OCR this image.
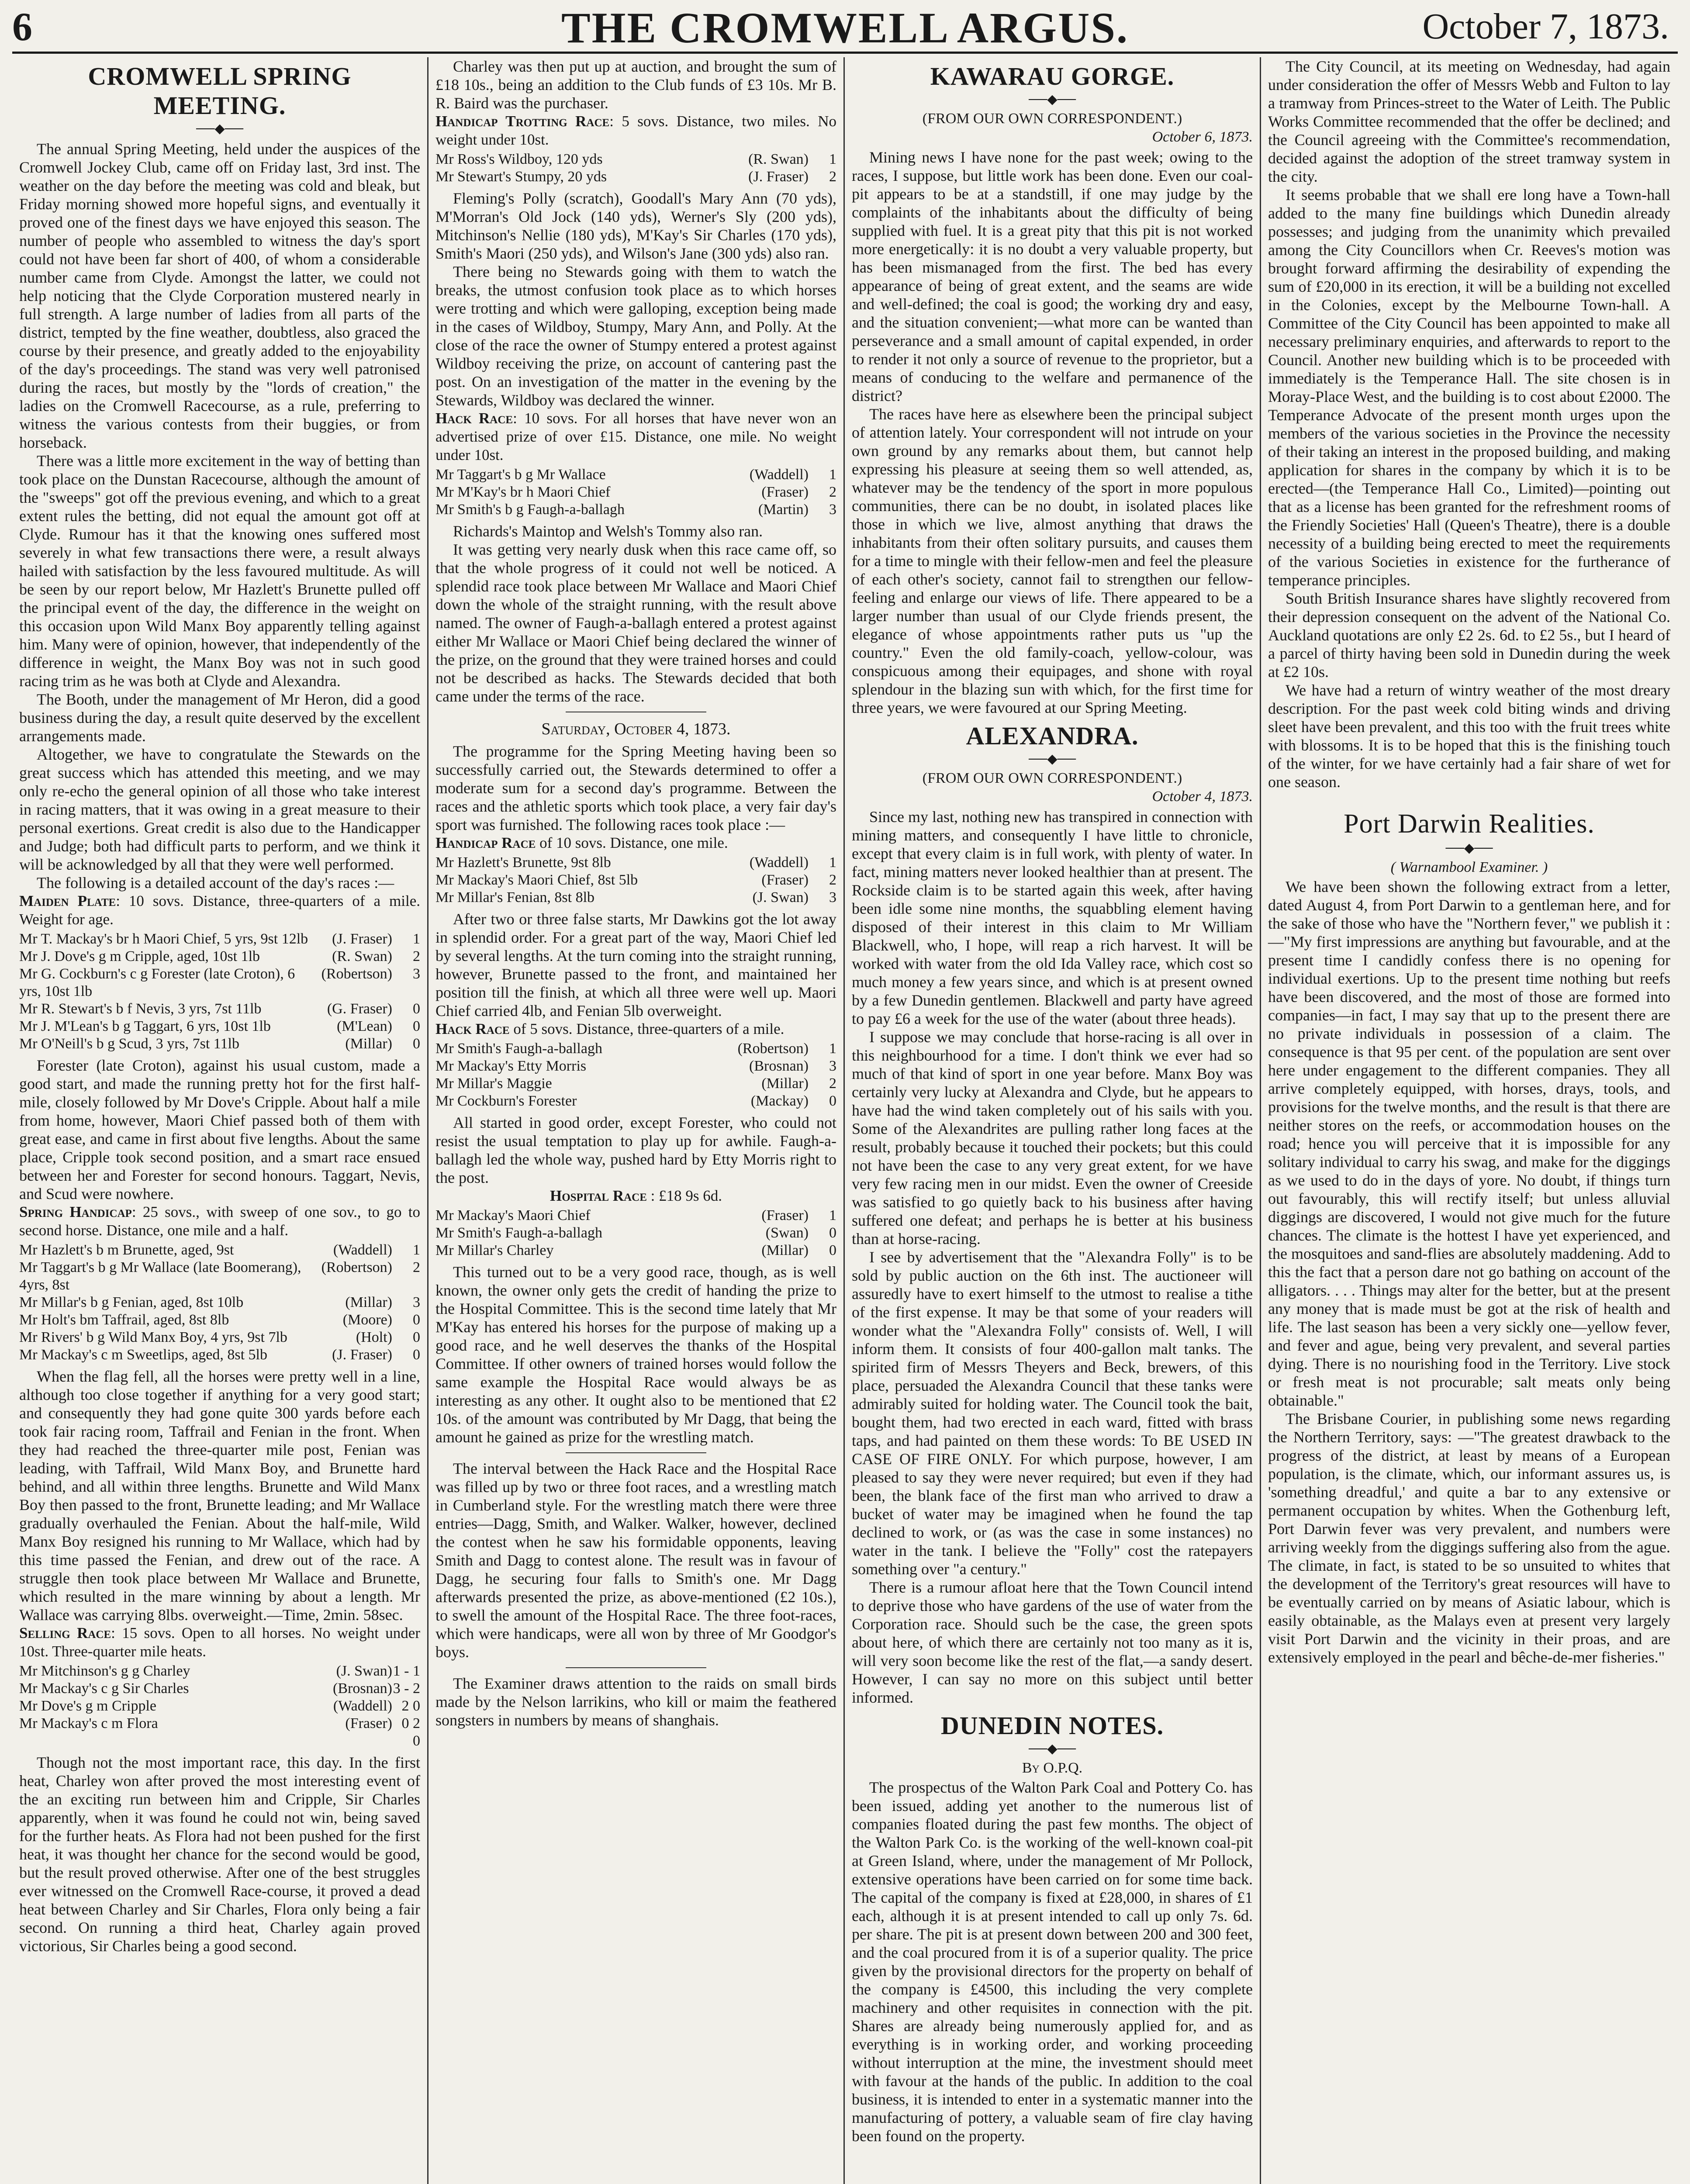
6	THE CROMWELL ARGUS.	October 7, 1873.
CROMWELL SPRING MEETING.
──◆──

The annual Spring Meeting, held under the auspices of the Cromwell Jockey Club, came off on Friday last, 3rd inst. The weather on the day before the meeting was cold and bleak, but Friday morning showed more hopeful signs, and eventually it proved one of the finest days we have enjoyed this season. The number of people who assembled to witness the day's sport could not have been far short of 400, of whom a considerable number came from Clyde. Amongst the latter, we could not help noticing that the Clyde Corporation mustered nearly in full strength. A large number of ladies from all parts of the district, tempted by the fine weather, doubtless, also graced the course by their presence, and greatly added to the enjoyability of the day's proceedings. The stand was very well patronised during the races, but mostly by the "lords of creation," the ladies on the Cromwell Racecourse, as a rule, preferring to witness the various contests from their buggies, or from horseback.

There was a little more excitement in the way of betting than took place on the Dunstan Racecourse, although the amount of the "sweeps" got off the previous evening, and which to a great extent rules the betting, did not equal the amount got off at Clyde. Rumour has it that the knowing ones suffered most severely in what few transactions there were, a result always hailed with satisfaction by the less favoured multitude. As will be seen by our report below, Mr Hazlett's Brunette pulled off the principal event of the day, the difference in the weight on this occasion upon Wild Manx Boy apparently telling against him. Many were of opinion, however, that independently of the difference in weight, the Manx Boy was not in such good racing trim as he was both at Clyde and Alexandra.

The Booth, under the management of Mr Heron, did a good business during the day, a result quite deserved by the excellent arrangements made.

Altogether, we have to congratulate the Stewards on the great success which has attended this meeting, and we may only re-echo the general opinion of all those who take interest in racing matters, that it was owing in a great measure to their personal exertions. Great credit is also due to the Handicapper and Judge; both had difficult parts to perform, and we think it will be acknowledged by all that they were well performed.

The following is a detailed account of the day's races :—

Maiden Plate: 10 sovs. Distance, three-quarters of a mile. Weight for age.

Mr T. Mackay's br h Maori Chief, 5 yrs, 9st 12lb	(J. Fraser)	1
Mr J. Dove's g m Cripple, aged, 10st 1lb	(R. Swan)	2
Mr G. Cockburn's c g Forester (late Croton), 6 yrs, 10st 1lb
(Robertson)	3
Mr R. Stewart's b f Nevis, 3 yrs, 7st 11lb	(G. Fraser)	0
Mr J. M'Lean's b g Taggart, 6 yrs, 10st 1lb	(M'Lean)	0
Mr O'Neill's b g Scud, 3 yrs, 7st 11lb	(Millar)	0

Forester (late Croton), against his usual custom, made a good start, and made the running pretty hot for the first half-mile, closely followed by Mr Dove's Cripple. About half a mile from home, however, Maori Chief passed both of them with great ease, and came in first about five lengths. About the same place, Cripple took second position, and a smart race ensued between her and Forester for second honours. Taggart, Nevis, and Scud were nowhere.

Spring Handicap: 25 sovs., with sweep of one sov., to go to second horse. Distance, one mile and a half.

Mr Hazlett's b m Brunette, aged, 9st	(Waddell)	1
Mr Taggart's b g Mr Wallace (late Boomerang), 4yrs, 8st
(Robertson)	2
Mr Millar's b g Fenian, aged, 8st 10lb	(Millar)	3
Mr Holt's bm Taffrail, aged, 8st 8lb	(Moore)	0
Mr Rivers' b g Wild Manx Boy, 4 yrs, 9st 7lb	(Holt)	0
Mr Mackay's c m Sweetlips, aged, 8st 5lb	(J. Fraser)	0

When the flag fell, all the horses were pretty well in a line, although too close together if anything for a very good start; and consequently they had gone quite 300 yards before each took fair racing room, Taffrail and Fenian in the front. When they had reached the three-quarter mile post, Fenian was leading, with Taffrail, Wild Manx Boy, and Brunette hard behind, and all within three lengths. Brunette and Wild Manx Boy then passed to the front, Brunette leading; and Mr Wallace gradually overhauled the Fenian. About the half-mile, Wild Manx Boy resigned his running to Mr Wallace, which had by this time passed the Fenian, and drew out of the race. A struggle then took place between Mr Wallace and Brunette, which resulted in the mare winning by about a length. Mr Wallace was carrying 8lbs. overweight.—Time, 2min. 58sec.

Selling Race: 15 sovs. Open to all horses. No weight under 10st. Three-quarter mile heats.

Mr Mitchinson's g g Charley	(J. Swan) 1 - 1
Mr Mackay's c g Sir Charles	(Brosnan) 3 - 2
Mr Dove's g m Cripple	(Waddell) 2 0
Mr Mackay's c m Flora	(Fraser) 0 2 0

Though not the most important race, this day. In the first heat, Charley won after proved the most interesting event of the an exciting run between him and Cripple, Sir Charles apparently, when it was found he could not win, being saved for the further heats. As Flora had not been pushed for the first heat, it was thought her chance for the second would be good, but the result proved otherwise. After one of the best struggles ever witnessed on the Cromwell Race-course, it proved a dead heat between Charley and Sir Charles, Flora only being a fair second. On running a third heat, Charley again proved victorious, Sir Charles being a good second.

Charley was then put up at auction, and brought the sum of £18 10s., being an addition to the Club funds of £3 10s. Mr B. R. Baird was the purchaser.

Handicap Trotting Race: 5 sovs. Distance, two miles. No weight under 10st.

Mr Ross's Wildboy, 120 yds	(R. Swan)	1
Mr Stewart's Stumpy, 20 yds	(J. Fraser)	2

Fleming's Polly (scratch), Goodall's Mary Ann (70 yds), M'Morran's Old Jock (140 yds), Werner's Sly (200 yds), Mitchinson's Nellie (180 yds), M'Kay's Sir Charles (170 yds), Smith's Maori (250 yds), and Wilson's Jane (300 yds) also ran.

There being no Stewards going with them to watch the breaks, the utmost confusion took place as to which horses were trotting and which were galloping, exception being made in the cases of Wildboy, Stumpy, Mary Ann, and Polly. At the close of the race the owner of Stumpy entered a protest against Wildboy receiving the prize, on account of cantering past the post. On an investigation of the matter in the evening by the Stewards, Wildboy was declared the winner.

Hack Race: 10 sovs. For all horses that have never won an advertised prize of over £15. Distance, one mile. No weight under 10st.

Mr Taggart's b g Mr Wallace	(Waddell)	1
Mr M'Kay's br h Maori Chief	(Fraser)	2
Mr Smith's b g Faugh-a-ballagh	(Martin)	3

Richards's Maintop and Welsh's Tommy also ran.

It was getting very nearly dusk when this race came off, so that the whole progress of it could not well be noticed. A splendid race took place between Mr Wallace and Maori Chief down the whole of the straight running, with the result above named. The owner of Faugh-a-ballagh entered a protest against either Mr Wallace or Maori Chief being declared the winner of the prize, on the ground that they were trained horses and could not be described as hacks. The Stewards decided that both came under the terms of the race.

Saturday, October 4, 1873.

The programme for the Spring Meeting having been so successfully carried out, the Stewards determined to offer a moderate sum for a second day's programme. Between the races and the athletic sports which took place, a very fair day's sport was furnished. The following races took place :—

Handicap Race of 10 sovs. Distance, one mile.

Mr Hazlett's Brunette, 9st 8lb	(Waddell)	1
Mr Mackay's Maori Chief, 8st 5lb	(Fraser)	2
Mr Millar's Fenian, 8st 8lb	(J. Swan)	3

After two or three false starts, Mr Dawkins got the lot away in splendid order. For a great part of the way, Maori Chief led by several lengths. At the turn coming into the straight running, however, Brunette passed to the front, and maintained her position till the finish, at which all three were well up. Maori Chief carried 4lb, and Fenian 5lb overweight.

Hack Race of 5 sovs. Distance, three-quarters of a mile.

Mr Smith's Faugh-a-ballagh	(Robertson)	1
Mr Mackay's Etty Morris	(Brosnan)	3
Mr Millar's Maggie	(Millar)	2
Mr Cockburn's Forester	(Mackay)	0

All started in good order, except Forester, who could not resist the usual temptation to play up for awhile. Faugh-a-ballagh led the whole way, pushed hard by Etty Morris right to the post.

Hospital Race : £18 9s 6d.

Mr Mackay's Maori Chief	(Fraser)	1
Mr Smith's Faugh-a-ballagh	(Swan)	0
Mr Millar's Charley	(Millar)	0

This turned out to be a very good race, though, as is well known, the owner only gets the credit of handing the prize to the Hospital Committee. This is the second time lately that Mr M'Kay has entered his horses for the purpose of making up a good race, and he well deserves the thanks of the Hospital Committee. If other owners of trained horses would follow the same example the Hospital Race would always be as interesting as any other. It ought also to be mentioned that £2 10s. of the amount was contributed by Mr Dagg, that being the amount he gained as prize for the wrestling match.

The interval between the Hack Race and the Hospital Race was filled up by two or three foot races, and a wrestling match in Cumberland style. For the wrestling match there were three entries—Dagg, Smith, and Walker. Walker, however, declined the contest when he saw his formidable opponents, leaving Smith and Dagg to contest alone. The result was in favour of Dagg, he securing four falls to Smith's one. Mr Dagg afterwards presented the prize, as above-mentioned (£2 10s.), to swell the amount of the Hospital Race. The three foot-races, which were handicaps, were all won by three of Mr Goodgor's boys.

The Examiner draws attention to the raids on small birds made by the Nelson larrikins, who kill or maim the feathered songsters in numbers by means of shanghais.

KAWARAU GORGE.
──◆──
(FROM OUR OWN CORRESPONDENT.)
October 6, 1873.

Mining news I have none for the past week; owing to the races, I suppose, but little work has been done. Even our coal-pit appears to be at a standstill, if one may judge by the complaints of the inhabitants about the difficulty of being supplied with fuel. It is a great pity that this pit is not worked more energetically: it is no doubt a very valuable property, but has been mismanaged from the first. The bed has every appearance of being of great extent, and the seams are wide and well-defined; the coal is good; the working dry and easy, and the situation convenient;—what more can be wanted than perseverance and a small amount of capital expended, in order to render it not only a source of revenue to the proprietor, but a means of conducing to the welfare and permanence of the district?

The races have here as elsewhere been the principal subject of attention lately. Your correspondent will not intrude on your own ground by any remarks about them, but cannot help expressing his pleasure at seeing them so well attended, as, whatever may be the tendency of the sport in more populous communities, there can be no doubt, in isolated places like those in which we live, almost anything that draws the inhabitants from their often solitary pursuits, and causes them for a time to mingle with their fellow-men and feel the pleasure of each other's society, cannot fail to strengthen our fellow-feeling and enlarge our views of life. There appeared to be a larger number than usual of our Clyde friends present, the elegance of whose appointments rather puts us "up the country." Even the old family-coach, yellow-colour, was conspicuous among their equipages, and shone with royal splendour in the blazing sun with which, for the first time for three years, we were favoured at our Spring Meeting.

ALEXANDRA.
──◆──
(FROM OUR OWN CORRESPONDENT.)
October 4, 1873.

Since my last, nothing new has transpired in connection with mining matters, and consequently I have little to chronicle, except that every claim is in full work, with plenty of water. In fact, mining matters never looked healthier than at present. The Rockside claim is to be started again this week, after having been idle some nine months, the squabbling element having disposed of their interest in this claim to Mr William Blackwell, who, I hope, will reap a rich harvest. It will be worked with water from the old Ida Valley race, which cost so much money a few years since, and which is at present owned by a few Dunedin gentlemen. Blackwell and party have agreed to pay £6 a week for the use of the water (about three heads).

I suppose we may conclude that horse-racing is all over in this neighbourhood for a time. I don't think we ever had so much of that kind of sport in one year before. Manx Boy was certainly very lucky at Alexandra and Clyde, but he appears to have had the wind taken completely out of his sails with you. Some of the Alexandrites are pulling rather long faces at the result, probably because it touched their pockets; but this could not have been the case to any very great extent, for we have very few racing men in our midst. Even the owner of Creeside was satisfied to go quietly back to his business after having suffered one defeat; and perhaps he is better at his business than at horse-racing.

I see by advertisement that the "Alexandra Folly" is to be sold by public auction on the 6th inst. The auctioneer will assuredly have to exert himself to the utmost to realise a tithe of the first expense. It may be that some of your readers will wonder what the "Alexandra Folly" consists of. Well, I will inform them. It consists of four 400-gallon malt tanks. The spirited firm of Messrs Theyers and Beck, brewers, of this place, persuaded the Alexandra Council that these tanks were admirably suited for holding water. The Council took the bait, bought them, had two erected in each ward, fitted with brass taps, and had painted on them these words: To BE USED IN CASE OF FIRE ONLY. For which purpose, however, I am pleased to say they were never required; but even if they had been, the blank face of the first man who arrived to draw a bucket of water may be imagined when he found the tap declined to work, or (as was the case in some instances) no water in the tank. I believe the "Folly" cost the ratepayers something over "a century."

There is a rumour afloat here that the Town Council intend to deprive those who have gardens of the use of water from the Corporation race. Should such be the case, the green spots about here, of which there are certainly not too many as it is, will very soon become like the rest of the flat,—a sandy desert. However, I can say no more on this subject until better informed.

DUNEDIN NOTES.
──◆──
By O.P.Q.

The prospectus of the Walton Park Coal and Pottery Co. has been issued, adding yet another to the numerous list of companies floated during the past few months. The object of the Walton Park Co. is the working of the well-known coal-pit at Green Island, where, under the management of Mr Pollock, extensive operations have been carried on for some time back. The capital of the company is fixed at £28,000, in shares of £1 each, although it is at present intended to call up only 7s. 6d. per share. The pit is at present down between 200 and 300 feet, and the coal procured from it is of a superior quality. The price given by the provisional directors for the property on behalf of the company is £4500, this including the very complete machinery and other requisites in connection with the pit. Shares are already being numerously applied for, and as everything is in working order, and working proceeding without interruption at the mine, the investment should meet with favour at the hands of the public. In addition to the coal business, it is intended to enter in a systematic manner into the manufacturing of pottery, a valuable seam of fire clay having been found on the property.

The City Council, at its meeting on Wednesday, had again under consideration the offer of Messrs Webb and Fulton to lay a tramway from Princes-street to the Water of Leith. The Public Works Committee recommended that the offer be declined; and the Council agreeing with the Committee's recommendation, decided against the adoption of the street tramway system in the city.

It seems probable that we shall ere long have a Town-hall added to the many fine buildings which Dunedin already possesses; and judging from the unanimity which prevailed among the City Councillors when Cr. Reeves's motion was brought forward affirming the desirability of expending the sum of £20,000 in its erection, it will be a building not excelled in the Colonies, except by the Melbourne Town-hall. A Committee of the City Council has been appointed to make all necessary preliminary enquiries, and afterwards to report to the Council. Another new building which is to be proceeded with immediately is the Temperance Hall. The site chosen is in Moray-Place West, and the building is to cost about £2000. The Temperance Advocate of the present month urges upon the members of the various societies in the Province the necessity of their taking an interest in the proposed building, and making application for shares in the company by which it is to be erected—(the Temperance Hall Co., Limited)—pointing out that as a license has been granted for the refreshment rooms of the Friendly Societies' Hall (Queen's Theatre), there is a double necessity of a building being erected to meet the requirements of the various Societies in existence for the furtherance of temperance principles.

South British Insurance shares have slightly recovered from their depression consequent on the advent of the National Co. Auckland quotations are only £2 2s. 6d. to £2 5s., but I heard of a parcel of thirty having been sold in Dunedin during the week at £2 10s.

We have had a return of wintry weather of the most dreary description. For the past week cold biting winds and driving sleet have been prevalent, and this too with the fruit trees white with blossoms. It is to be hoped that this is the finishing touch of the winter, for we have certainly had a fair share of wet for one season.

Port Darwin Realities.
──◆──
( Warnambool Examiner. )

We have been shown the following extract from a letter, dated August 4, from Port Darwin to a gentleman here, and for the sake of those who have the "Northern fever," we publish it :—"My first impressions are anything but favourable, and at the present time I candidly confess there is no opening for individual exertions. Up to the present time nothing but reefs have been discovered, and the most of those are formed into companies—in fact, I may say that up to the present there are no private individuals in possession of a claim. The consequence is that 95 per cent. of the population are sent over here under engagement to the different companies. They all arrive completely equipped, with horses, drays, tools, and provisions for the twelve months, and the result is that there are neither stores on the reefs, or accommodation houses on the road; hence you will perceive that it is impossible for any solitary individual to carry his swag, and make for the diggings as we used to do in the days of yore. No doubt, if things turn out favourably, this will rectify itself; but unless alluvial diggings are discovered, I would not give much for the future chances. The climate is the hottest I have yet experienced, and the mosquitoes and sand-flies are absolutely maddening. Add to this the fact that a person dare not go bathing on account of the alligators. . . . Things may alter for the better, but at the present any money that is made must be got at the risk of health and life. The last season has been a very sickly one—yellow fever, and fever and ague, being very prevalent, and several parties dying. There is no nourishing food in the Territory. Live stock or fresh meat is not procurable; salt meats only being obtainable."

The Brisbane Courier, in publishing some news regarding the Northern Territory, says: —"The greatest drawback to the progress of the district, at least by means of a European population, is the climate, which, our informant assures us, is 'something dreadful,' and quite a bar to any extensive or permanent occupation by whites. When the Gothenburg left, Port Darwin fever was very prevalent, and numbers were arriving weekly from the diggings suffering also from the ague. The climate, in fact, is stated to be so unsuited to whites that the development of the Territory's great resources will have to be eventually carried on by means of Asiatic labour, which is easily obtainable, as the Malays even at present very largely visit Port Darwin and the vicinity in their proas, and are extensively employed in the pearl and bêche-de-mer fisheries."
